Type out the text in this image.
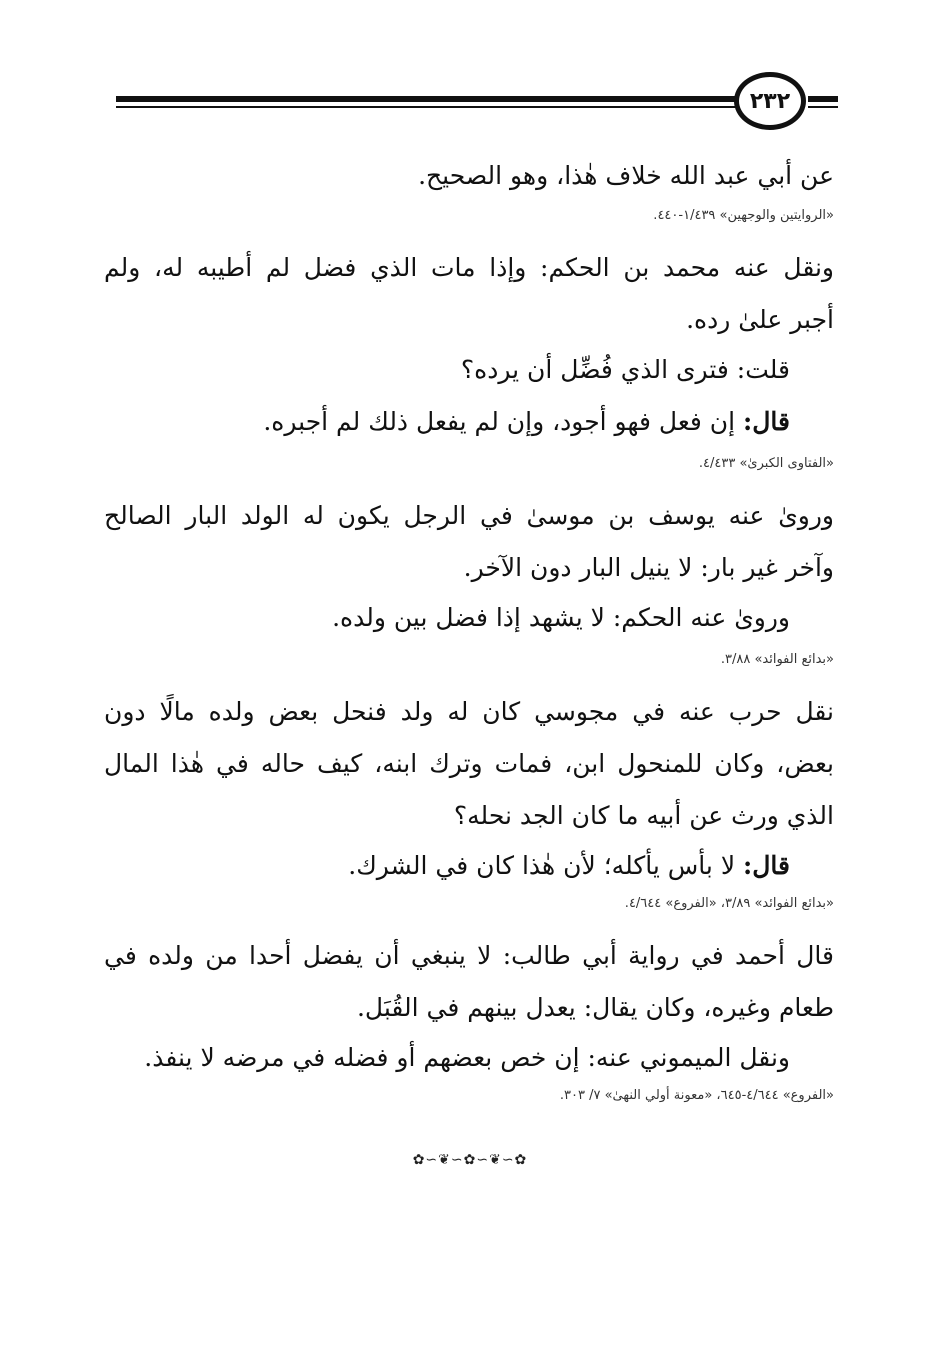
٢٣٢
عن أبي عبد الله خلاف هٰذا، وهو الصحيح.
«الروايتين والوجهين» ١/٤٣٩-٤٤٠.
ونقل عنه محمد بن الحكم: وإذا مات الذي فضل لم أطيبه له، ولم
أجبر علىٰ رده.
قلت: فترى الذي فُضِّل أن يرده؟
قال: إن فعل فهو أجود، وإن لم يفعل ذلك لم أجبره.
«الفتاوى الكبرىٰ» ٤/٤٣٣.
وروىٰ عنه يوسف بن موسىٰ في الرجل يكون له الولد البار الصالح
وآخر غير بار: لا ينيل البار دون الآخر.
وروىٰ عنه الحكم: لا يشهد إذا فضل بين ولده.
«بدائع الفوائد» ٣/٨٨.
نقل حرب عنه في مجوسي كان له ولد فنحل بعض ولده مالًا دون
بعض، وكان للمنحول ابن، فمات وترك ابنه، كيف حاله في هٰذا المال
الذي ورث عن أبيه ما كان الجد نحله؟
قال: لا بأس يأكله؛ لأن هٰذا كان في الشرك.
«بدائع الفوائد» ٣/٨٩، «الفروع» ٤/٦٤٤.
قال أحمد في رواية أبي طالب: لا ينبغي أن يفضل أحدا من ولده في
طعام وغيره، وكان يقال: يعدل بينهم في القُبَل.
ونقل الميموني عنه: إن خص بعضهم أو فضله في مرضه لا ينفذ.
«الفروع» ٤/٦٤٤-٦٤٥، «معونة أولي النهىٰ» ٧/ ٣٠٣.
✿∽❦∽✿∽❦∽✿
